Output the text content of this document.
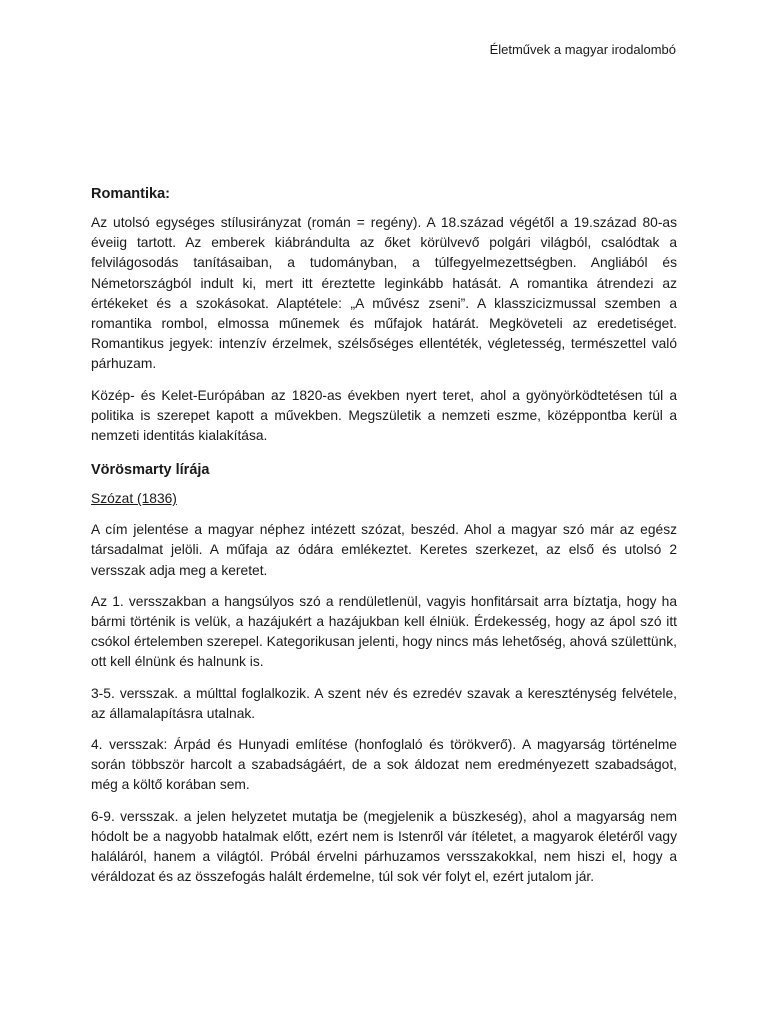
Életművek a magyar irodalombó
Romantika:

Az utolsó egységes stílusirányzat (román = regény). A 18.század végétől a 19.század 80-as éveiig tartott. Az emberek kiábrándulta az őket körülvevő polgári világból, csalódtak a felvilágosodás tanításaiban, a tudományban, a túlfegyelmezettségben. Angliából és Németországból indult ki, mert itt éreztette leginkább hatását. A romantika átrendezi az értékeket és a szokásokat. Alaptétele: „A művész zseni”. A klasszicizmussal szemben a romantika rombol, elmossa műnemek és műfajok határát. Megköveteli az eredetiséget. Romantikus jegyek: intenzív érzelmek, szélsőséges ellentéték, végletesség, természettel való párhuzam.

Közép- és Kelet-Európában az 1820-as években nyert teret, ahol a gyönyörködtetésen túl a politika is szerepet kapott a művekben. Megszületik a nemzeti eszme, középpontba kerül a nemzeti identitás kialakítása.

Vörösmarty lírája
Szózat (1836)

A cím jelentése a magyar néphez intézett szózat, beszéd. Ahol a magyar szó már az egész társadalmat jelöli. A műfaja az ódára emlékeztet. Keretes szerkezet, az első és utolsó 2 versszak adja meg a keretet.

Az 1. versszakban a hangsúlyos szó a rendületlenül, vagyis honfitársait arra bíztatja, hogy ha bármi történik is velük, a hazájukért a hazájukban kell élniük. Érdekesség, hogy az ápol szó itt csókol értelemben szerepel. Kategorikusan jelenti, hogy nincs más lehetőség, ahová születtünk, ott kell élnünk és halnunk is.

3-5. versszak. a múlttal foglalkozik. A szent név és ezredév szavak a kereszténység felvétele, az államalapításra utalnak.

4. versszak: Árpád és Hunyadi említése (honfoglaló és törökverő). A magyarság történelme során többször harcolt a szabadságáért, de a sok áldozat nem eredményezett szabadságot, még a költő korában sem.

6-9. versszak. a jelen helyzetet mutatja be (megjelenik a büszkeség), ahol a magyarság nem hódolt be a nagyobb hatalmak előtt, ezért nem is Istenről vár ítéletet, a magyarok életéről vagy haláláról, hanem a világtól. Próbál érvelni párhuzamos versszakokkal, nem hiszi el, hogy a véráldozat és az összefogás halált érdemelne, túl sok vér folyt el, ezért jutalom jár.
